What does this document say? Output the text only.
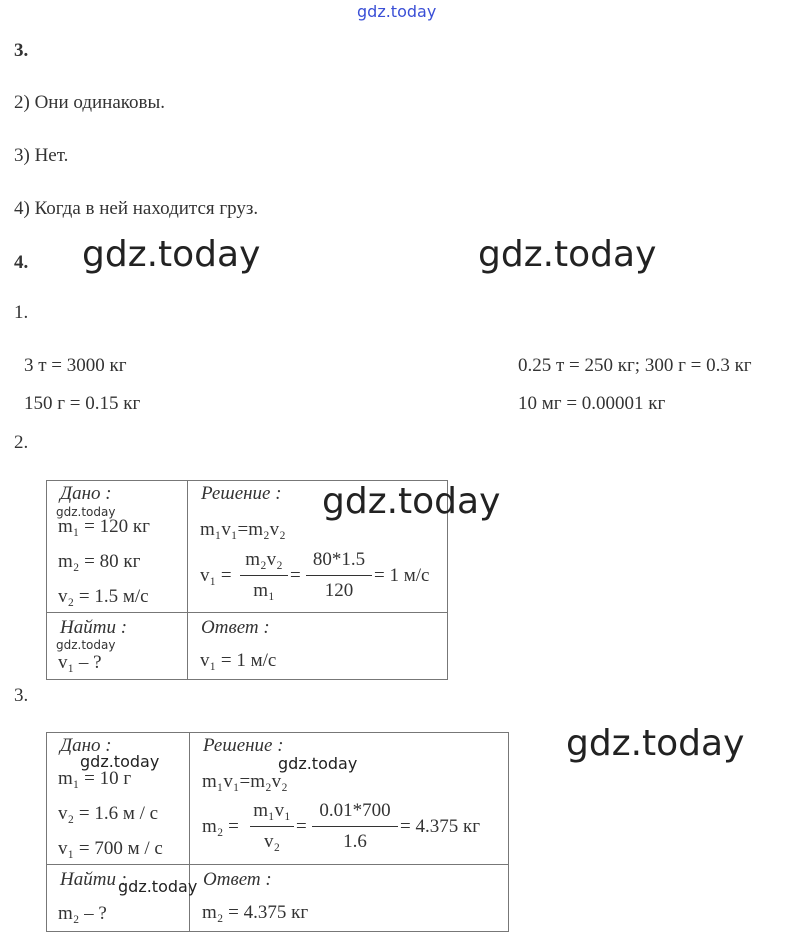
gdz.today
3.
2) Они одинаковы.
3) Нет.
4) Когда в ней находится груз.
4. gdz.today	gdz.today
1.
3 т = 3000 кг
150 г = 0.15 кг
0.25 т = 250 кг; 300 г = 0.3 кг
10 мг = 0.00001 кг
2.
Дано :
gdz.today
m₁ = 120 кг
m₂ = 80 кг
v₂ = 1.5 м/с
Найти :
gdz.today
v₁ – ?
Решение : gdz.today
m₁v₁=m₂v₂
v₁ =
m₂v₂
m₁
=
80*1.5
120
= 1 м/с
Ответ :
v₁ = 1 м/с
3.
gdz.today
Дано :
gdz.today
m₁ = 10 г
v₂ = 1.6 м / с
v₁ = 700 м / с
Найти :
gdz.today
m₂ – ?
Решение :
gdz.today
m₁v₁=m₂v₂
m₂ =
m₁v₁
v₂
=
0.01*700
1.6
= 4.375 кг
Ответ :
m₂ = 4.375 кг
